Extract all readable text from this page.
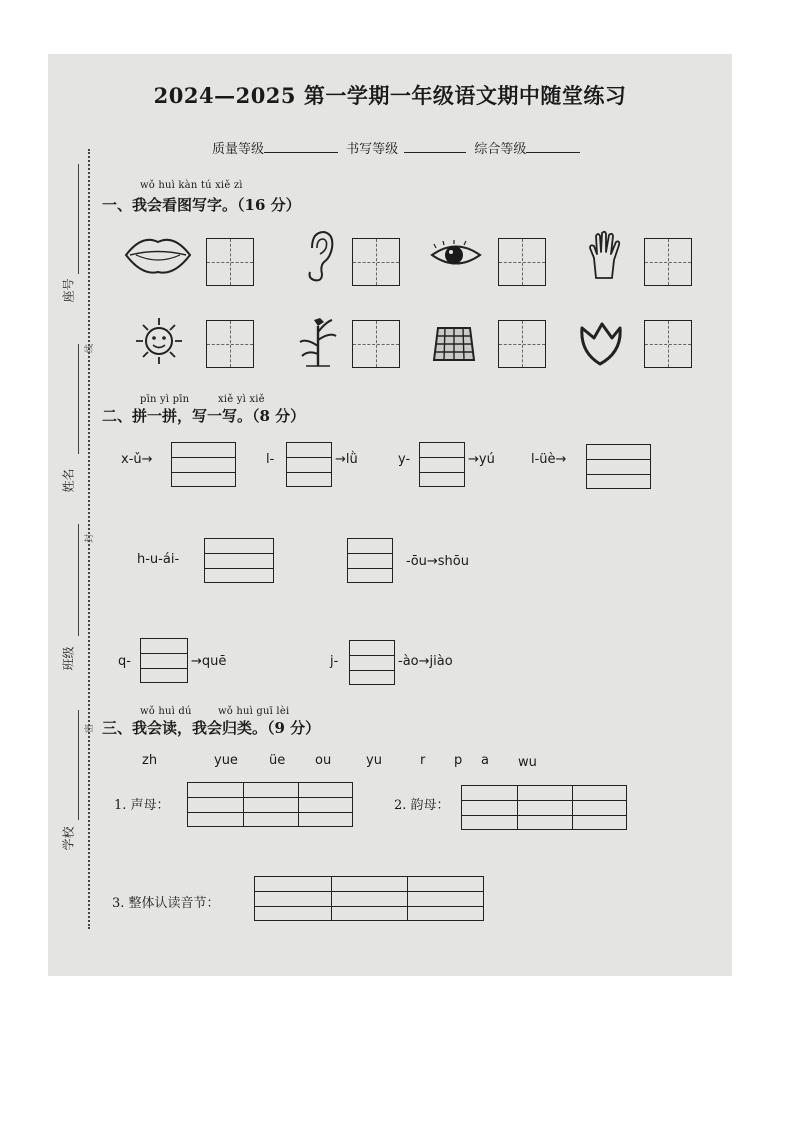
2024—2025 第一学期一年级语文期中随堂练习
质量等级	书写等级	综合等级
座号
线
姓名
封
班级
密
学校
wǒ huì kàn tú xiě zì
一、我会看图写字。（16 分）
pīn yì pīn	xiě yì xiě
二、拼一拼，写一写。（8 分）
x-ǔ→	l-	→lǜ	y-	→yú	l-üè→
h-u-ái-	-ōu→shōu
q-	→quē	j-	-ào→jiào
wǒ huì dú	wǒ huì guī lèi
三、我会读，我会归类。（9 分）
zh	yue üe ou	yu	r p a wu
1. 声母：	2. 韵母：
3. 整体认读音节：
